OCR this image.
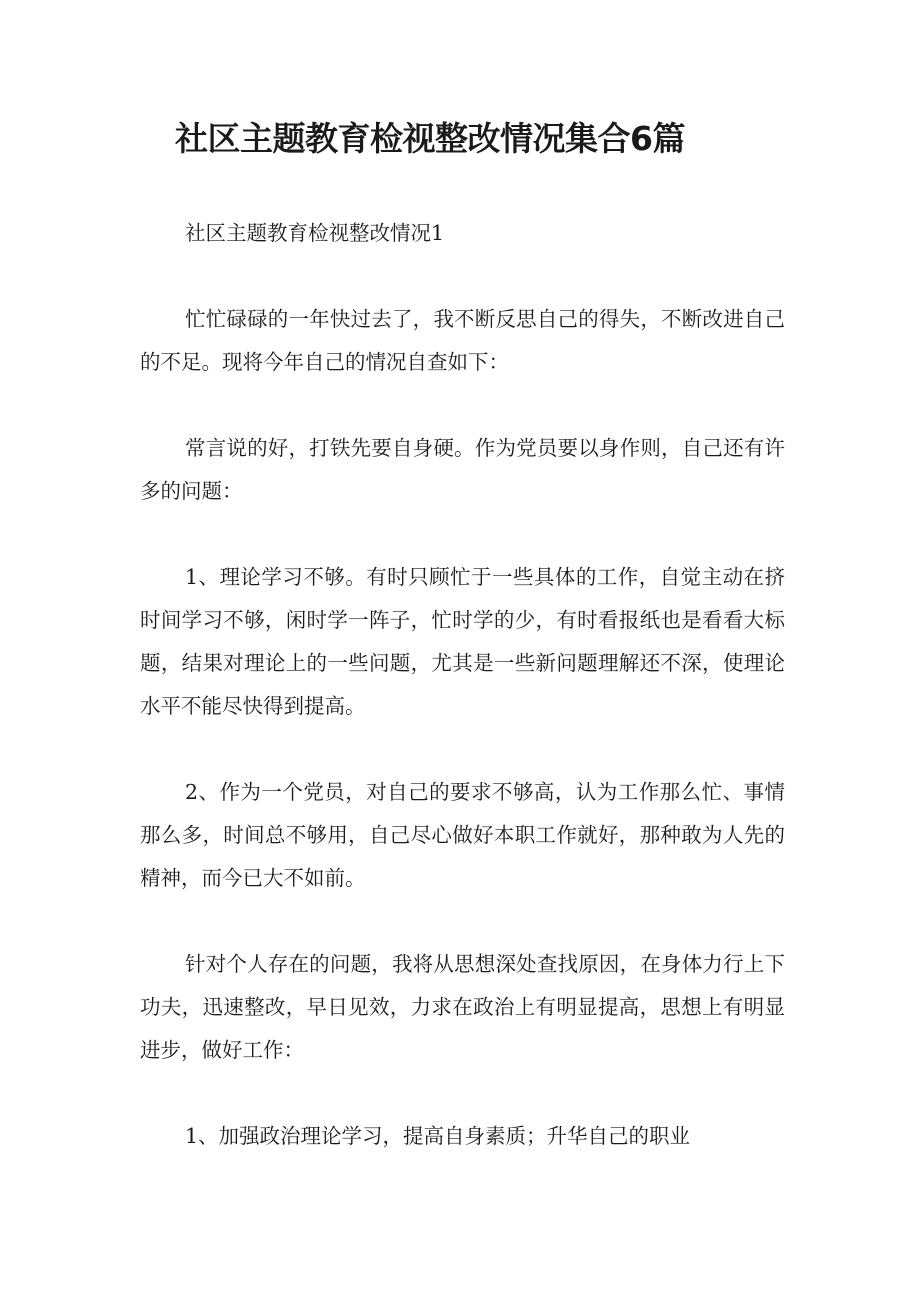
社区主题教育检视整改情况集合6篇

社区主题教育检视整改情况1

忙忙碌碌的一年快过去了，我不断反思自己的得失，不断改进自己的不足。现将今年自己的情况自查如下：

常言说的好，打铁先要自身硬。作为党员要以身作则，自己还有许多的问题：

1、理论学习不够。有时只顾忙于一些具体的工作，自觉主动在挤时间学习不够，闲时学一阵子，忙时学的少，有时看报纸也是看看大标题，结果对理论上的一些问题，尤其是一些新问题理解还不深，使理论水平不能尽快得到提高。

2、作为一个党员，对自己的要求不够高，认为工作那么忙、事情那么多，时间总不够用，自己尽心做好本职工作就好，那种敢为人先的精神，而今已大不如前。

针对个人存在的问题，我将从思想深处查找原因，在身体力行上下功夫，迅速整改，早日见效，力求在政治上有明显提高，思想上有明显进步，做好工作：

1、加强政治理论学习，提高自身素质；升华自己的职业
